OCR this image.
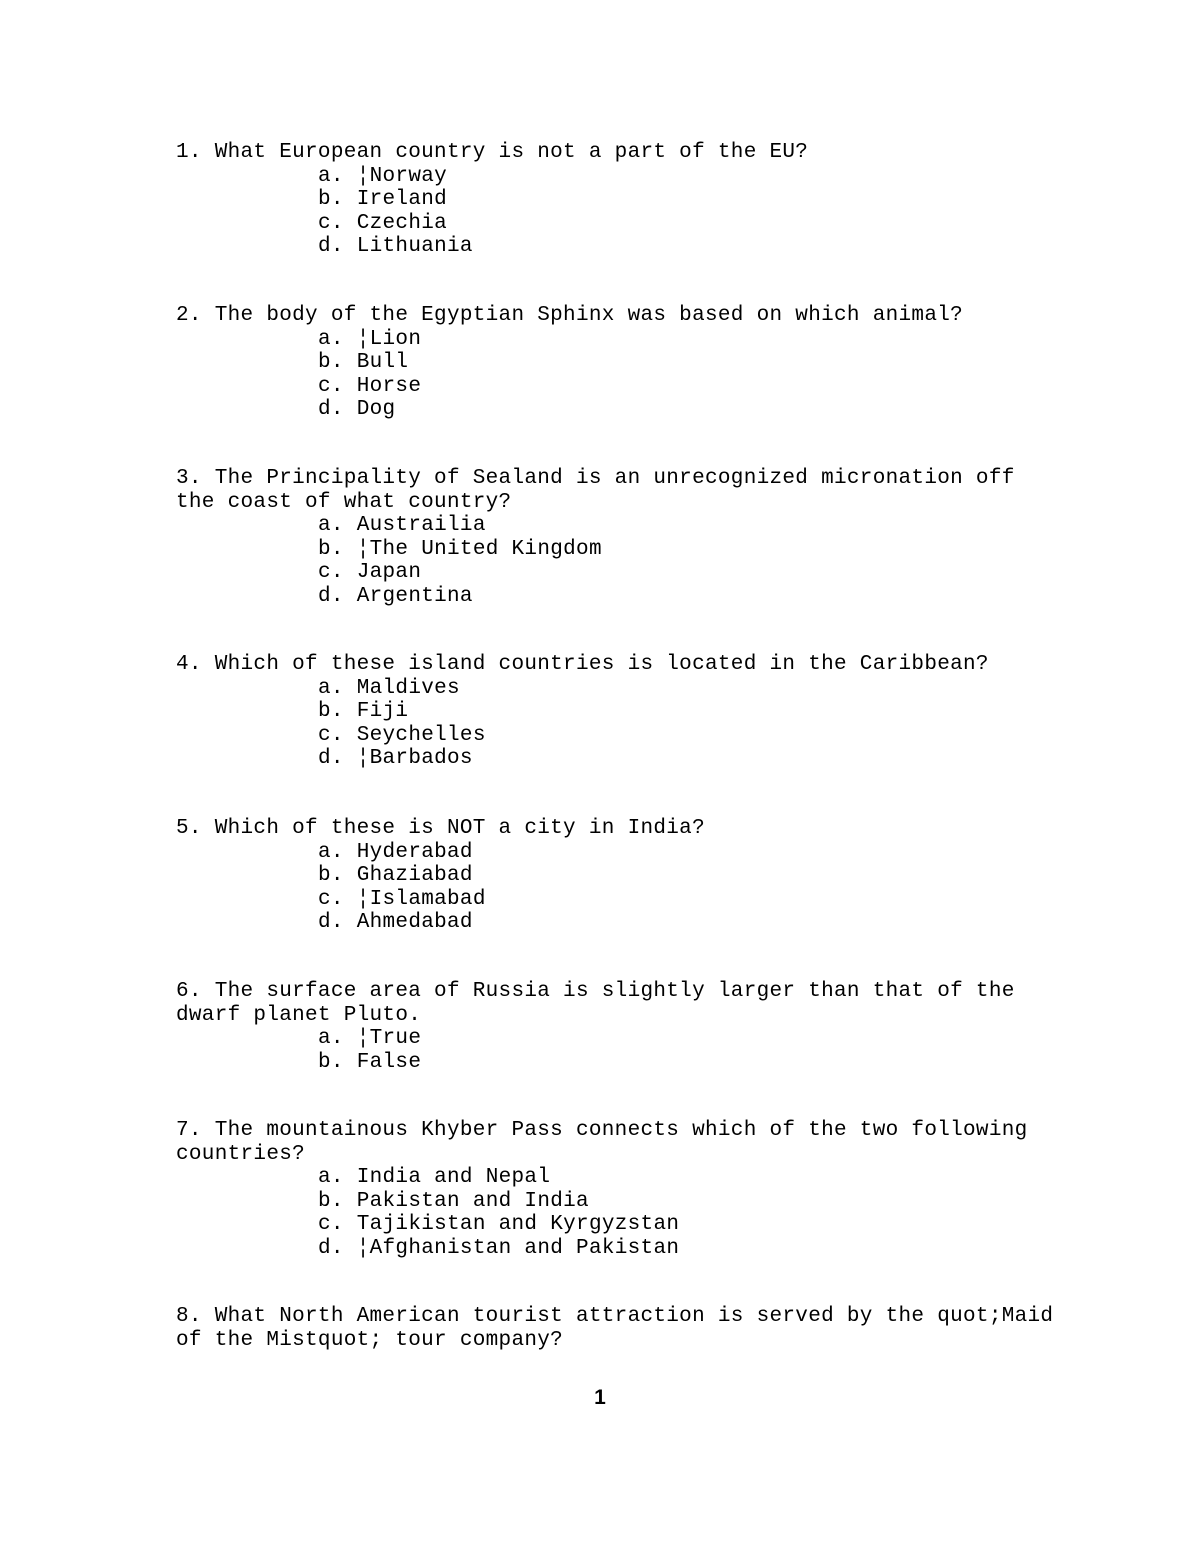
1. What European country is not a part of the EU?

a. ¦Norway

b. Ireland

c. Czechia

d. Lithuania

2. The body of the Egyptian Sphinx was based on which animal?

a. ¦Lion

b. Bull

c. Horse

d. Dog

3. The Principality of Sealand is an unrecognized micronation off the coast of what country?

a. Austrailia

b. ¦The United Kingdom

c. Japan

d. Argentina

4. Which of these island countries is located in the Caribbean?

a. Maldives

b. Fiji

c. Seychelles

d. ¦Barbados

5. Which of these is NOT a city in India?

a. Hyderabad

b. Ghaziabad

c. ¦Islamabad

d. Ahmedabad

6. The surface area of Russia is slightly larger than that of the dwarf planet Pluto.

a. ¦True

b. False

7. The mountainous Khyber Pass connects which of the two following countries?

a. India and Nepal

b. Pakistan and India

c. Tajikistan and Kyrgyzstan

d. ¦Afghanistan and Pakistan

8. What North American tourist attraction is served by the quot;Maid of the Mistquot; tour company?

1
